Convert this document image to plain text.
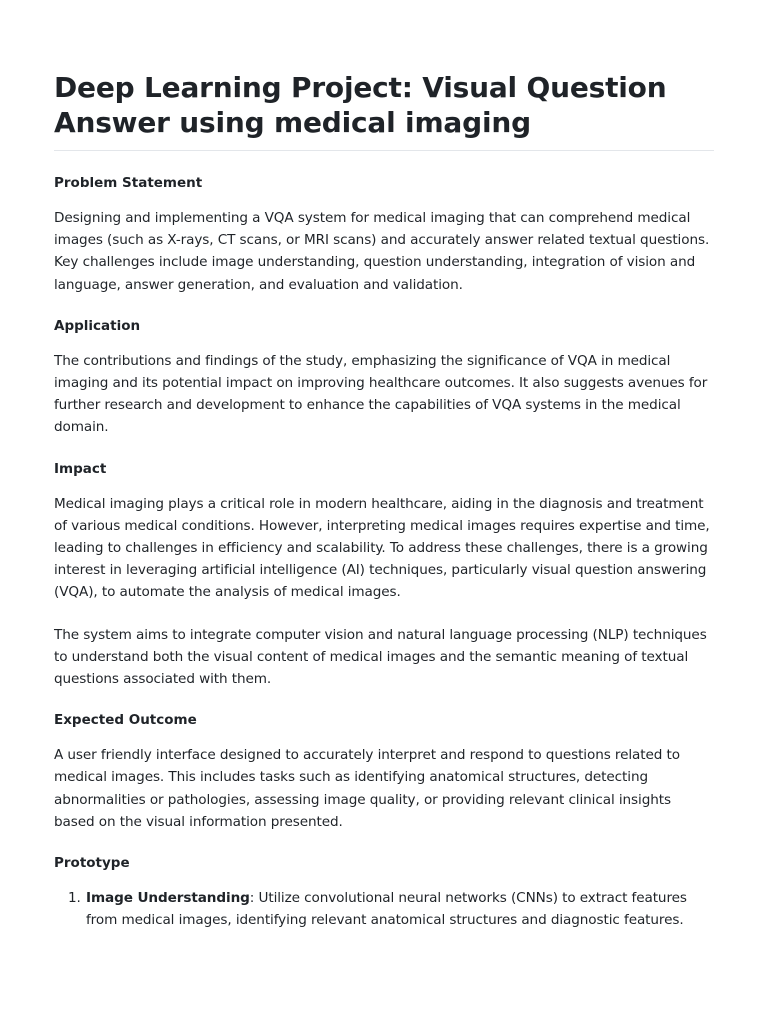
Deep Learning Project: Visual Question Answer using medical imaging
Problem Statement

Designing and implementing a VQA system for medical imaging that can comprehend medical images (such as X-rays, CT scans, or MRI scans) and accurately answer related textual questions. Key challenges include image understanding, question understanding, integration of vision and language, answer generation, and evaluation and validation.

Application

The contributions and findings of the study, emphasizing the significance of VQA in medical imaging and its potential impact on improving healthcare outcomes. It also suggests avenues for further research and development to enhance the capabilities of VQA systems in the medical domain.

Impact

Medical imaging plays a critical role in modern healthcare, aiding in the diagnosis and treatment of various medical conditions. However, interpreting medical images requires expertise and time, leading to challenges in efficiency and scalability. To address these challenges, there is a growing interest in leveraging artificial intelligence (AI) techniques, particularly visual question answering (VQA), to automate the analysis of medical images.

The system aims to integrate computer vision and natural language processing (NLP) techniques to understand both the visual content of medical images and the semantic meaning of textual questions associated with them.

Expected Outcome

A user friendly interface designed to accurately interpret and respond to questions related to medical images. This includes tasks such as identifying anatomical structures, detecting abnormalities or pathologies, assessing image quality, or providing relevant clinical insights based on the visual information presented.

Prototype
1. Image Understanding: Utilize convolutional neural networks (CNNs) to extract features from medical images, identifying relevant anatomical structures and diagnostic features.
